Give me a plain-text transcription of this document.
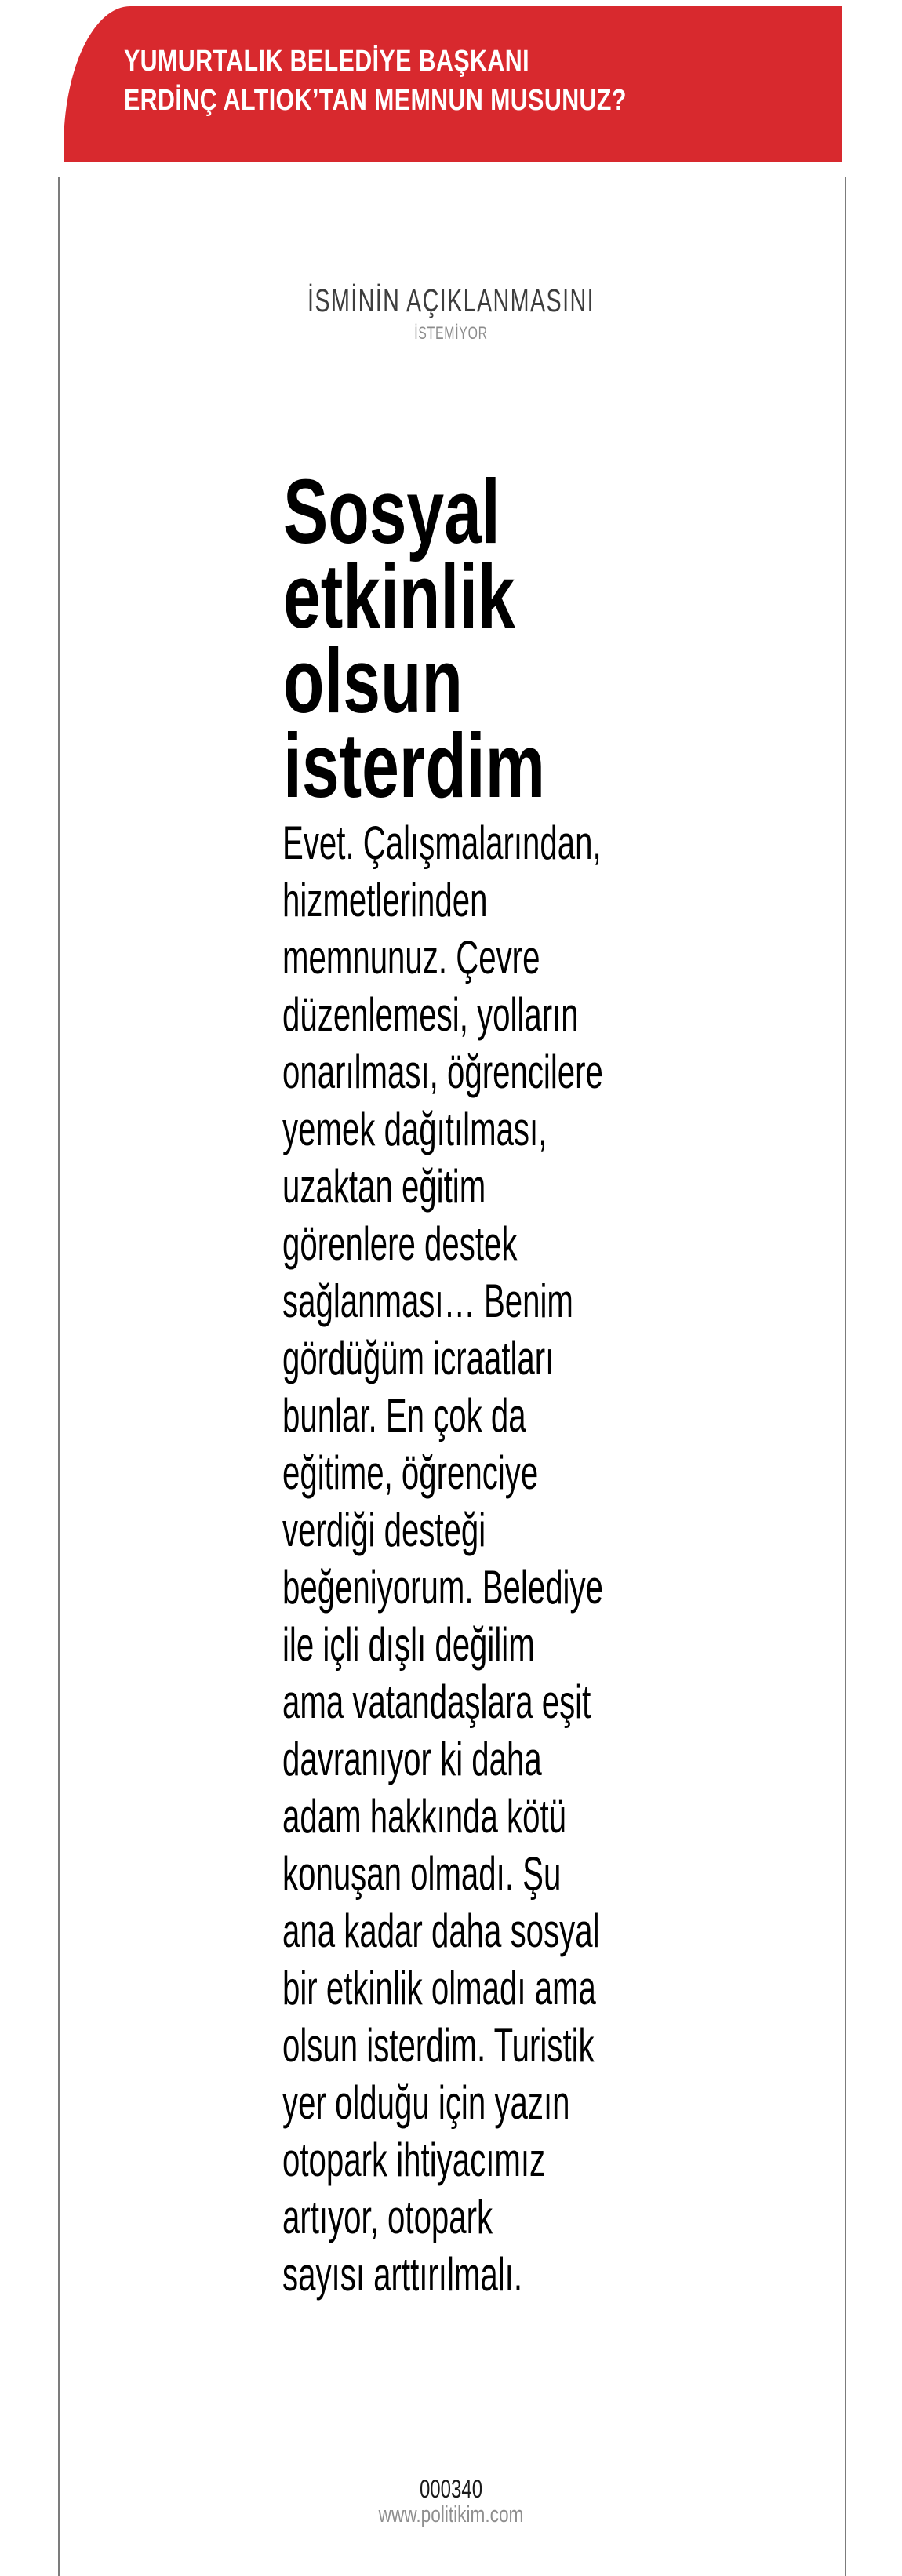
YUMURTALIK BELEDİYE BAŞKANI
ERDİNÇ ALTIOK’TAN MEMNUN MUSUNUZ?
İSMİNİN AÇIKLANMASINI
İSTEMİYOR
Sosyal
etkinlik
olsun
isterdim
Evet. Çalışmalarından,
hizmetlerinden
memnunuz. Çevre
düzenlemesi, yolların
onarılması, öğrencilere
yemek dağıtılması,
uzaktan eğitim
görenlere destek
sağlanması… Benim
gördüğüm icraatları
bunlar. En çok da
eğitime, öğrenciye
verdiği desteği
beğeniyorum. Belediye
ile içli dışlı değilim
ama vatandaşlara eşit
davranıyor ki daha
adam hakkında kötü
konuşan olmadı. Şu
ana kadar daha sosyal
bir etkinlik olmadı ama
olsun isterdim. Turistik
yer olduğu için yazın
otopark ihtiyacımız
artıyor, otopark
sayısı arttırılmalı.
000340
www.politikim.com
